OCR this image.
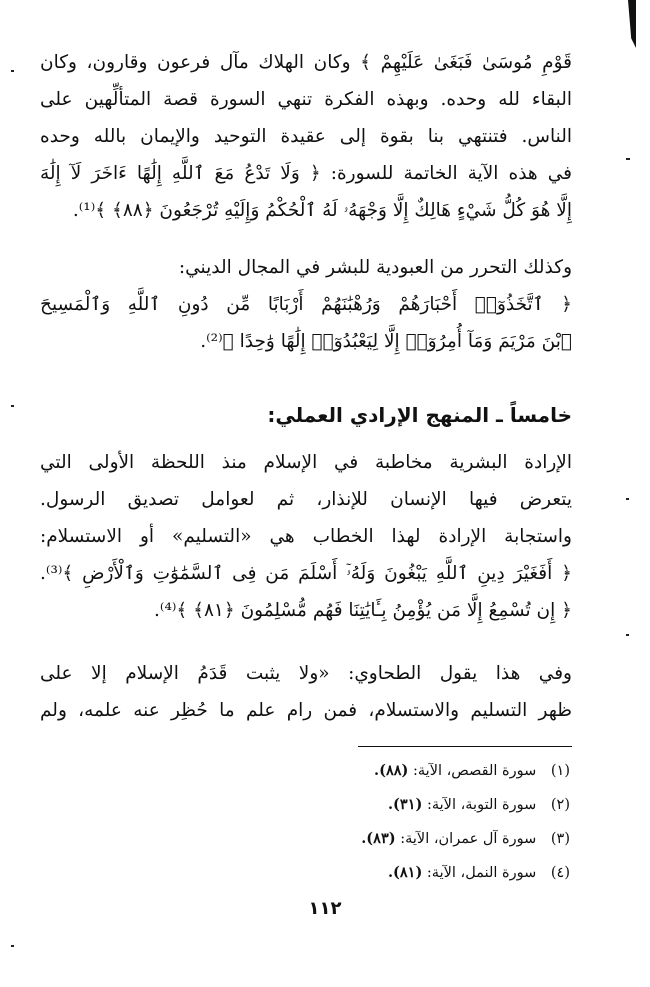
قَوْمِ مُوسَىٰ فَبَغَىٰ عَلَيْهِمْ ﴾ وكان الهلاك مآل فرعون وقارون، وكان
البقاء لله وحده. وبهذه الفكرة تنهي السورة قصة المتألِّهين على
الناس. فتنتهي بنا بقوة إلى عقيدة التوحيد والإيمان بالله وحده
في هذه الآية الخاتمة للسورة: ﴿ وَلَا تَدْعُ مَعَ ٱللَّهِ إِلَٰهًا ءَاخَرَ لَآ إِلَٰهَ
إِلَّا هُوَ كُلُّ شَيْءٍ هَالِكٌ إِلَّا وَجْهَهُۥ لَهُ ٱلْحُكْمُ وَإِلَيْهِ تُرْجَعُونَ ﴿٨٨﴾ ﴾⁽¹⁾.

وكذلك التحرر من العبودية للبشر في المجال الديني:
﴿ ٱتَّخَذُوٓا۟ أَحْبَارَهُمْ وَرُهْبَٰنَهُمْ أَرْبَابًا مِّن دُونِ ٱللَّهِ وَٱلْمَسِيحَ
ٱبْنَ مَرْيَمَ وَمَآ أُمِرُوٓا۟ إِلَّا لِيَعْبُدُوٓا۟ إِلَٰهًا وَٰحِدًا ﴾⁽²⁾.

خامساً ـ المنهج الإرادي العملي:

الإرادة البشرية مخاطبة في الإسلام منذ اللحظة الأولى التي
يتعرض فيها الإنسان للإنذار، ثم لعوامل تصديق الرسول.
واستجابة الإرادة لهذا الخطاب هي «التسليم» أو الاستسلام:
﴿ أَفَغَيْرَ دِينِ ٱللَّهِ يَبْغُونَ وَلَهُۥٓ أَسْلَمَ مَن فِى ٱلسَّمَٰوَٰتِ وَٱلْأَرْضِ ﴾⁽³⁾.
﴿ إِن تُسْمِعُ إِلَّا مَن يُؤْمِنُ بِـَٔايَٰتِنَا فَهُم مُّسْلِمُونَ ﴿٨١﴾ ﴾⁽⁴⁾.

وفي هذا يقول الطحاوي: «ولا يثبت قَدَمُ الإسلام إلا على
ظهر التسليم والاستسلام، فمن رام علم ما حُظِر عنه علمه، ولم

(١) سورة القصص، الآية: (٨٨).
(٢) سورة التوبة، الآية: (٣١).
(٣) سورة آل عمران، الآية: (٨٣).
(٤) سورة النمل، الآية: (٨١).
١١٢
